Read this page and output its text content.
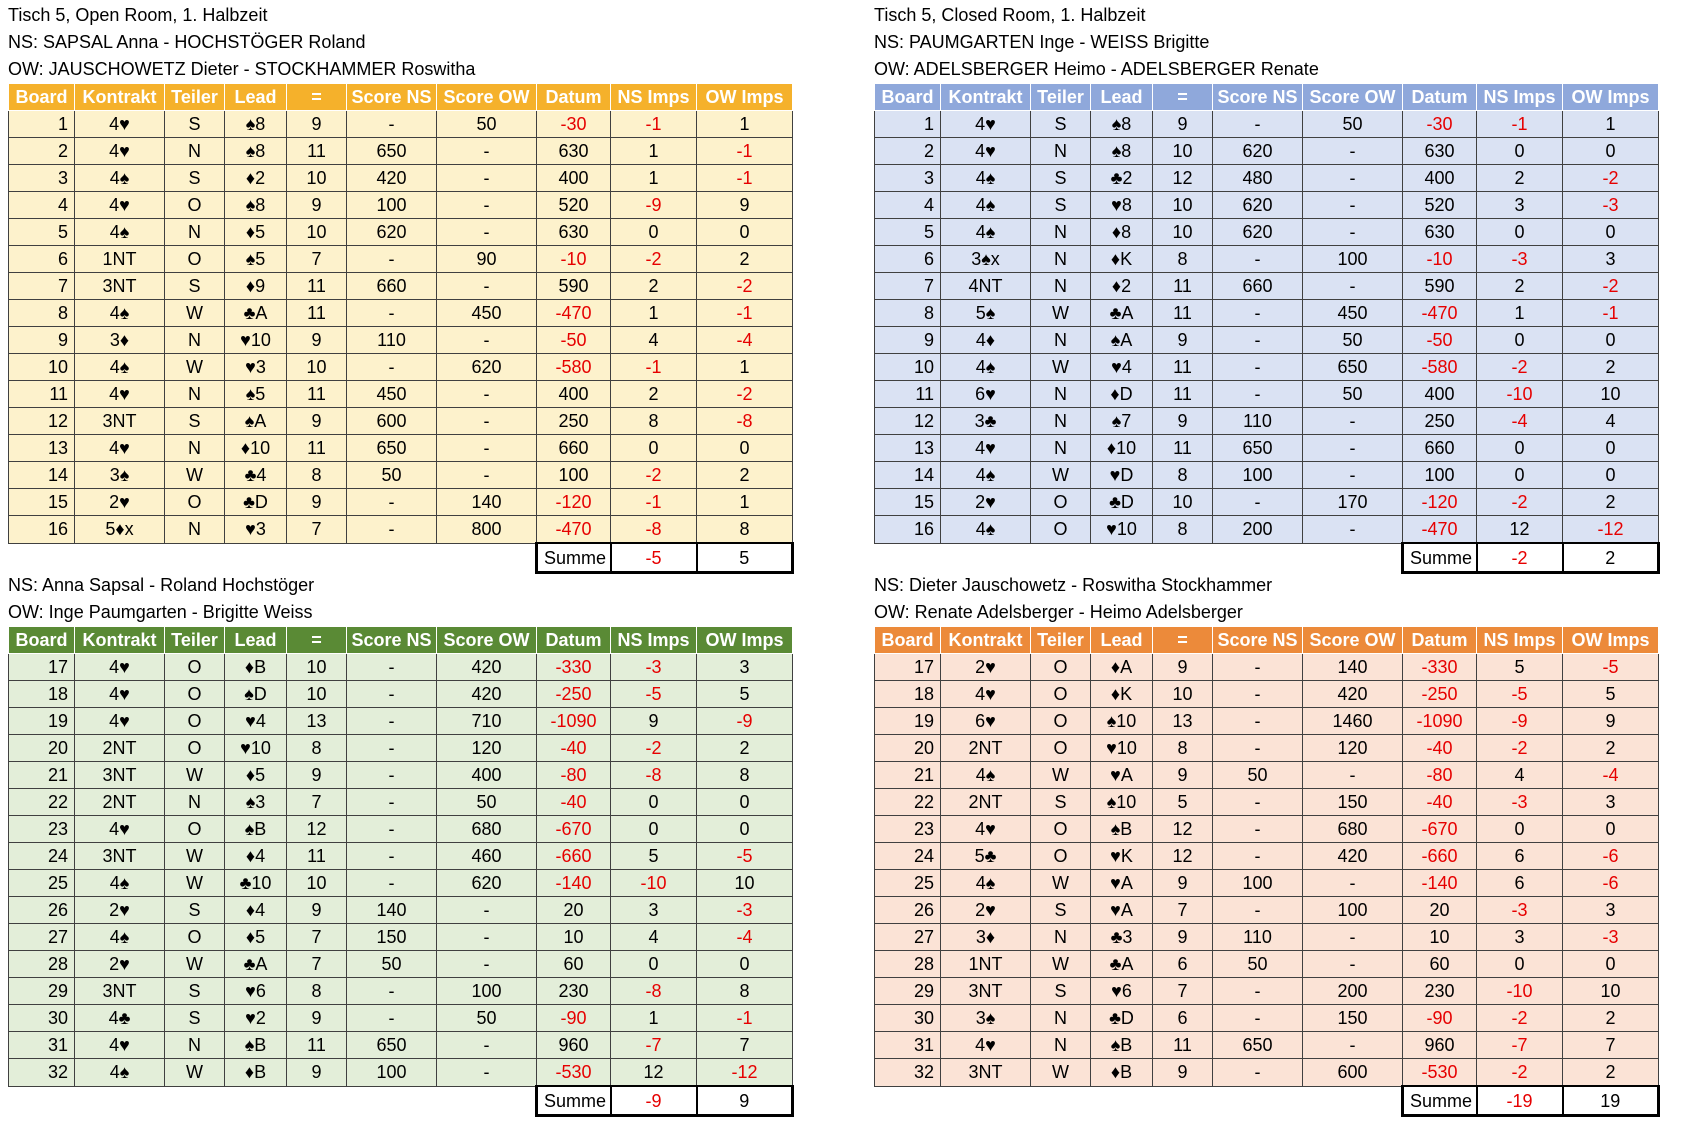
Tisch 5, Open Room, 1. Halbzeit
NS: SAPSAL Anna - HOCHSTÖGER Roland
OW: JAUSCHOWETZ Dieter - STOCKHAMMER Roswitha
Board	Kontrakt	Teiler	Lead	=	Score NS	Score OW	Datum	NS Imps	OW Imps
1	4♥	S	♠8	9	-	50	-30	-1	1
2	4♥	N	♠8	11	650	-	630	1	-1
3	4♠	S	♦2	10	420	-	400	1	-1
4	4♥	O	♠8	9	100	-	520	-9	9
5	4♠	N	♦5	10	620	-	630	0	0
6	1NT	O	♠5	7	-	90	-10	-2	2
7	3NT	S	♦9	11	660	-	590	2	-2
8	4♠	W	♣A	11	-	450	-470	1	-1
9	3♦	N	♥10	9	110	-	-50	4	-4
10	4♠	W	♥3	10	-	620	-580	-1	1
11	4♥	N	♠5	11	450	-	400	2	-2
12	3NT	S	♠A	9	600	-	250	8	-8
13	4♥	N	♦10	11	650	-	660	0	0
14	3♠	W	♣4	8	50	-	100	-2	2
15	2♥	O	♣D	9	-	140	-120	-1	1
16	5♦x	N	♥3	7	-	800	-470	-8	8
							Summe	-5	5
Tisch 5, Closed Room, 1. Halbzeit
NS: PAUMGARTEN Inge - WEISS Brigitte
OW: ADELSBERGER Heimo - ADELSBERGER Renate
Board	Kontrakt	Teiler	Lead	=	Score NS	Score OW	Datum	NS Imps	OW Imps
1	4♥	S	♠8	9	-	50	-30	-1	1
2	4♥	N	♠8	10	620	-	630	0	0
3	4♠	S	♣2	12	480	-	400	2	-2
4	4♠	S	♥8	10	620	-	520	3	-3
5	4♠	N	♦8	10	620	-	630	0	0
6	3♠x	N	♦K	8	-	100	-10	-3	3
7	4NT	N	♦2	11	660	-	590	2	-2
8	5♠	W	♣A	11	-	450	-470	1	-1
9	4♦	N	♠A	9	-	50	-50	0	0
10	4♠	W	♥4	11	-	650	-580	-2	2
11	6♥	N	♦D	11	-	50	400	-10	10
12	3♣	N	♠7	9	110	-	250	-4	4
13	4♥	N	♦10	11	650	-	660	0	0
14	4♠	W	♥D	8	100	-	100	0	0
15	2♥	O	♣D	10	-	170	-120	-2	2
16	4♠	O	♥10	8	200	-	-470	12	-12
							Summe	-2	2
NS: Anna Sapsal - Roland Hochstöger
OW: Inge Paumgarten - Brigitte Weiss
Board	Kontrakt	Teiler	Lead	=	Score NS	Score OW	Datum	NS Imps	OW Imps
17	4♥	O	♦B	10	-	420	-330	-3	3
18	4♥	O	♠D	10	-	420	-250	-5	5
19	4♥	O	♥4	13	-	710	-1090	9	-9
20	2NT	O	♥10	8	-	120	-40	-2	2
21	3NT	W	♦5	9	-	400	-80	-8	8
22	2NT	N	♠3	7	-	50	-40	0	0
23	4♥	O	♠B	12	-	680	-670	0	0
24	3NT	W	♦4	11	-	460	-660	5	-5
25	4♠	W	♣10	10	-	620	-140	-10	10
26	2♥	S	♦4	9	140	-	20	3	-3
27	4♠	O	♦5	7	150	-	10	4	-4
28	2♥	W	♣A	7	50	-	60	0	0
29	3NT	S	♥6	8	-	100	230	-8	8
30	4♣	S	♥2	9	-	50	-90	1	-1
31	4♥	N	♠B	11	650	-	960	-7	7
32	4♠	W	♦B	9	100	-	-530	12	-12
							Summe	-9	9
NS: Dieter Jauschowetz - Roswitha Stockhammer
OW: Renate Adelsberger - Heimo Adelsberger
Board	Kontrakt	Teiler	Lead	=	Score NS	Score OW	Datum	NS Imps	OW Imps
17	2♥	O	♦A	9	-	140	-330	5	-5
18	4♥	O	♦K	10	-	420	-250	-5	5
19	6♥	O	♠10	13	-	1460	-1090	-9	9
20	2NT	O	♥10	8	-	120	-40	-2	2
21	4♠	W	♥A	9	50	-	-80	4	-4
22	2NT	S	♠10	5	-	150	-40	-3	3
23	4♥	O	♠B	12	-	680	-670	0	0
24	5♣	O	♥K	12	-	420	-660	6	-6
25	4♠	W	♥A	9	100	-	-140	6	-6
26	2♥	S	♥A	7	-	100	20	-3	3
27	3♦	N	♣3	9	110	-	10	3	-3
28	1NT	W	♣A	6	50	-	60	0	0
29	3NT	S	♥6	7	-	200	230	-10	10
30	3♠	N	♣D	6	-	150	-90	-2	2
31	4♥	N	♠B	11	650	-	960	-7	7
32	3NT	W	♦B	9	-	600	-530	-2	2
							Summe	-19	19
